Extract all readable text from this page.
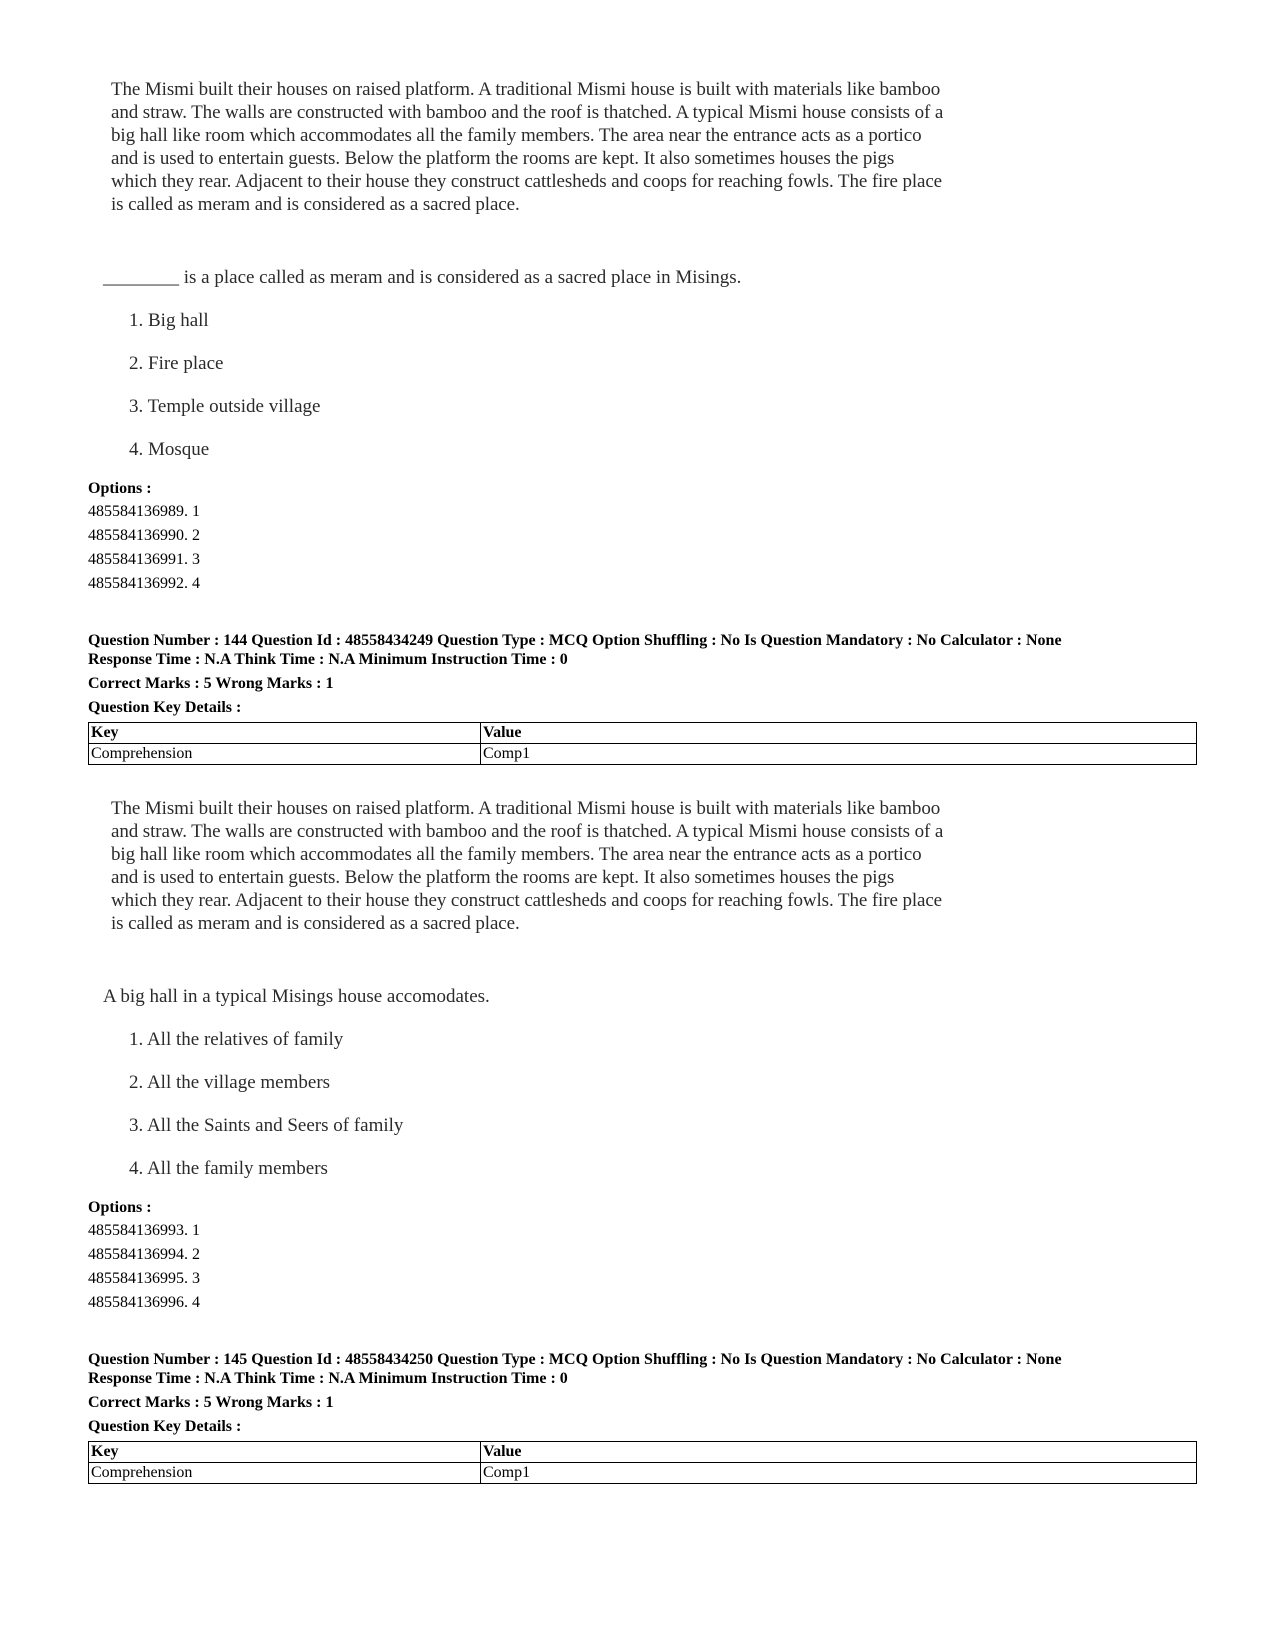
The Mismi built their houses on raised platform. A traditional Mismi house is built with materials like bamboo
and straw. The walls are constructed with bamboo and the roof is thatched. A typical Mismi house consists of a
big hall like room which accommodates all the family members. The area near the entrance acts as a portico
and is used to entertain guests. Below the platform the rooms are kept. It also sometimes houses the pigs
which they rear. Adjacent to their house they construct cattlesheds and coops for reaching fowls. The fire place
is called as meram and is considered as a sacred place.
________ is a place called as meram and is considered as a sacred place in Misings.
1. Big hall
2. Fire place
3. Temple outside village
4. Mosque
Options :
485584136989. 1
485584136990. 2
485584136991. 3
485584136992. 4
Question Number : 144 Question Id : 48558434249 Question Type : MCQ Option Shuffling : No Is Question Mandatory : No Calculator : None
Response Time : N.A Think Time : N.A Minimum Instruction Time : 0
Correct Marks : 5 Wrong Marks : 1
Question Key Details :
Key	Value
Comprehension	Comp1
The Mismi built their houses on raised platform. A traditional Mismi house is built with materials like bamboo
and straw. The walls are constructed with bamboo and the roof is thatched. A typical Mismi house consists of a
big hall like room which accommodates all the family members. The area near the entrance acts as a portico
and is used to entertain guests. Below the platform the rooms are kept. It also sometimes houses the pigs
which they rear. Adjacent to their house they construct cattlesheds and coops for reaching fowls. The fire place
is called as meram and is considered as a sacred place.
A big hall in a typical Misings house accomodates.
1. All the relatives of family
2. All the village members
3. All the Saints and Seers of family
4. All the family members
Options :
485584136993. 1
485584136994. 2
485584136995. 3
485584136996. 4
Question Number : 145 Question Id : 48558434250 Question Type : MCQ Option Shuffling : No Is Question Mandatory : No Calculator : None
Response Time : N.A Think Time : N.A Minimum Instruction Time : 0
Correct Marks : 5 Wrong Marks : 1
Question Key Details :
Key	Value
Comprehension	Comp1
